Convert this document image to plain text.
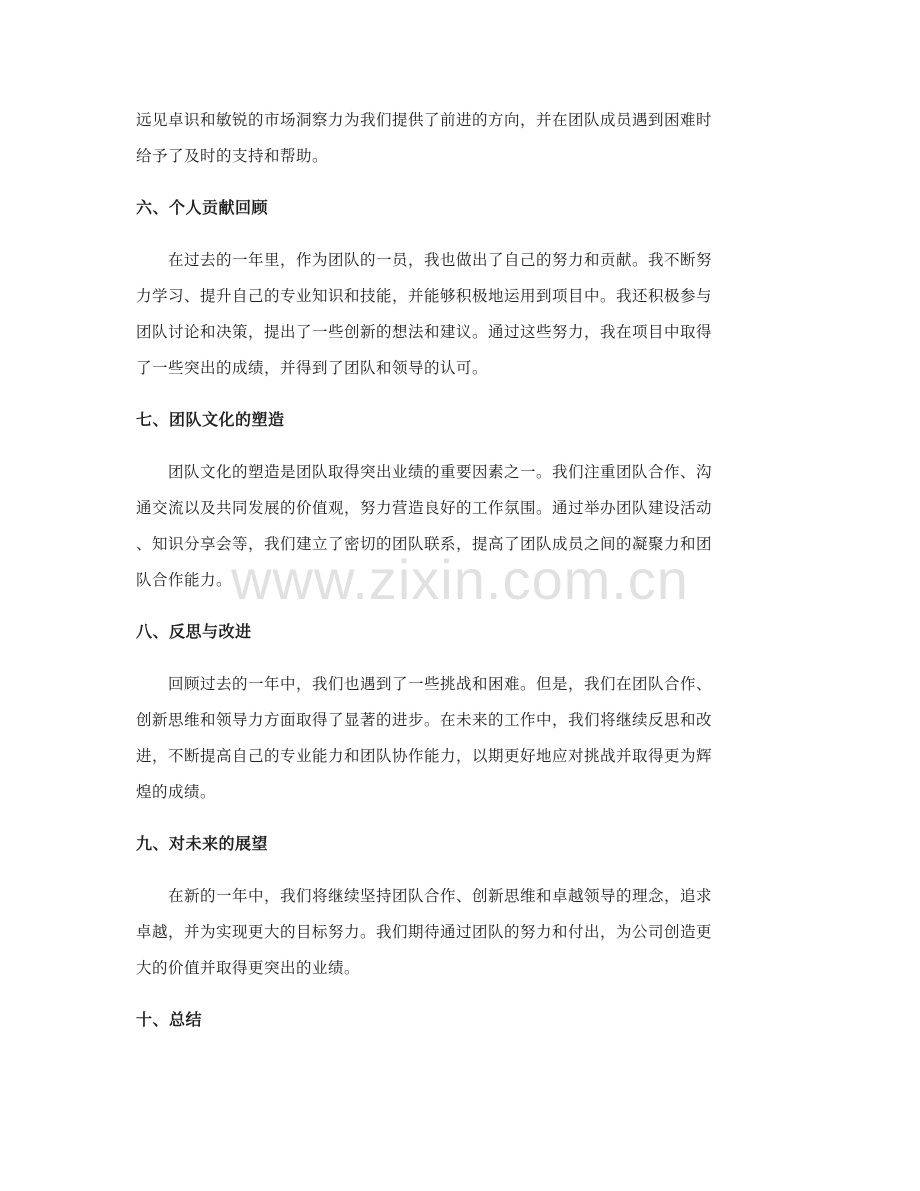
远见卓识和敏锐的市场洞察力为我们提供了前进的方向，并在团队成员遇到困难时
给予了及时的支持和帮助。
六、个人贡献回顾
在过去的一年里，作为团队的一员，我也做出了自己的努力和贡献。我不断努
力学习、提升自己的专业知识和技能，并能够积极地运用到项目中。我还积极参与
团队讨论和决策，提出了一些创新的想法和建议。通过这些努力，我在项目中取得
了一些突出的成绩，并得到了团队和领导的认可。
七、团队文化的塑造
团队文化的塑造是团队取得突出业绩的重要因素之一。我们注重团队合作、沟
通交流以及共同发展的价值观，努力营造良好的工作氛围。通过举办团队建设活动
、知识分享会等，我们建立了密切的团队联系，提高了团队成员之间的凝聚力和团
队合作能力。
八、反思与改进
回顾过去的一年中，我们也遇到了一些挑战和困难。但是，我们在团队合作、
创新思维和领导力方面取得了显著的进步。在未来的工作中，我们将继续反思和改
进，不断提高自己的专业能力和团队协作能力，以期更好地应对挑战并取得更为辉
煌的成绩。
九、对未来的展望
在新的一年中，我们将继续坚持团队合作、创新思维和卓越领导的理念，追求
卓越，并为实现更大的目标努力。我们期待通过团队的努力和付出，为公司创造更
大的价值并取得更突出的业绩。
十、总结
www.zixin.com.cn
